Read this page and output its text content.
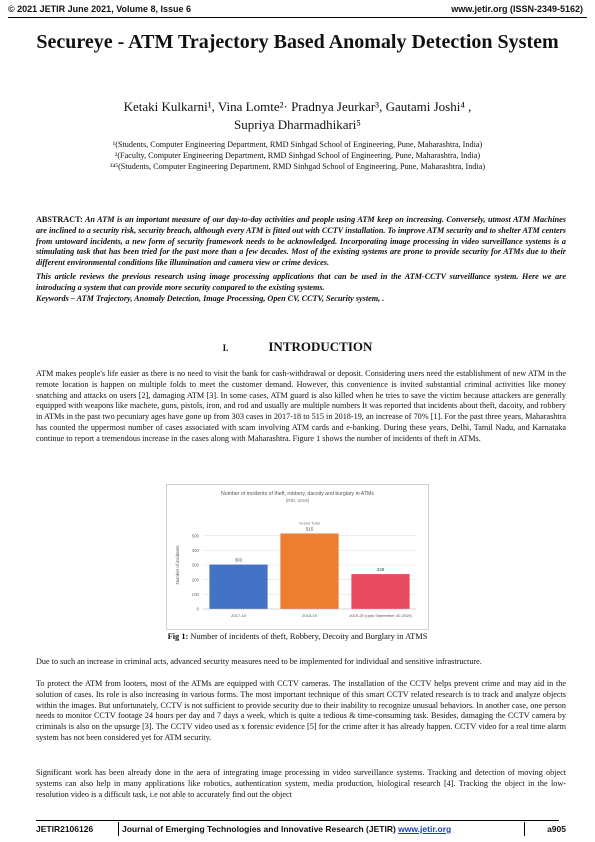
© 2021 JETIR June 2021, Volume 8, Issue 6	www.jetir.org (ISSN-2349-5162)
Secureye - ATM Trajectory Based Anomaly Detection System
Ketaki Kulkarni¹, Vina Lomte²· Pradnya Jeurkar³, Gautami Joshi⁴ ,
Supriya Dharmadhikari⁵
¹(Students, Computer Engineering Department, RMD Sinhgad School of Engineering, Pune, Maharashtra, India)
²(Faculty, Computer Engineering Department, RMD Sinhgad School of Engineering, Pune, Maharashtra, India)
³⁴⁵(Students, Computer Engineering Department, RMD Sinhgad School of Engineering, Pune, Maharashtra, India)
ABSTRACT: An ATM is an important measure of our day-to-day activities and people using ATM keep on increasing. Conversely, utmost ATM Machines are inclined to a security risk, security breach, although every ATM is fitted out with CCTV installation. To improve ATM security and to shelter ATM centers from untoward incidents, a new form of security framework needs to be acknowledged. Incorporating image processing in video surveillance systems is a stimulating task that has been tried for the past more than a few decades. Most of the existing systems are prone to provide security for ATMs due to their different environmental conditions like illumination and camera view or crime devices.
This article reviews the previous research using image processing applications that can be used in the ATM-CCTV surveillance system. Here we are introducing a system that can provide more security compared to the existing systems.
Keywords – ATM Trajectory, Anomaly Detection, Image Processing, Open CV, CCTV, Security system, .
I.	INTRODUCTION

ATM makes people's life easier as there is no need to visit the bank for cash-withdrawal or deposit. Considering users need the establishment of new ATM in the remote location is happen on multiple folds to meet the customer demand. However, this convenience is invited substantial criminal activities like money snatching and attacks on users [2], damaging ATM [3]. In some cases, ATM guard is also killed when he tries to save the victim because attackers are generally equipped with weapons like machete, guns, pistols, iron, and rod and usually are multiple numbers It was reported that incidents about theft, dacoity, and robbery in ATMs in the past two pecuniary ages have gone up from 303 cases in 2017-18 to 515 in 2018-19, an increase of 70% [1]. For the past three years, Maharashtra has counted the uppermost number of cases associated with scam involving ATM cards and e-banking. During these years, Delhi, Tamil Nadu, and Karnataka continue to report a tremendous increase in the cases along with Maharashtra. Figure 1 shows the number of incidents of theft in ATMs.

Number of incidents of theft, robbery, dacoity and burglary in ATMs
(RBI, 2019)
0
100
200
300
400
500
Number of incidents	303
2017-18
515
2018-19
Grand Total
238
2019-20 (upto September 30,2019)
Fig 1: Number of incidents of theft, Robbery, Decoity and Burglary in ATMS

Due to such an increase in criminal acts, advanced security measures need to be implemented for individual and sensitive infrastructure.

To protect the ATM from looters, most of the ATMs are equipped with CCTV cameras. The installation of the CCTV helps prevent crime and may aid in the solution of cases. Its role is also increasing in various forms. The most important technique of this smart CCTV related research is to track and analyze objects within the images. But unfortunately, CCTV is not sufficient to provide security due to their inability to recognize unusual behaviors. In another case, one person needs to monitor CCTV footage 24 hours per day and 7 days a week, which is quite a tedious & time-consuming task. Besides, damaging the CCTV camera by criminals is also on the upsurge [3]. The CCTV video used as x forensic evidence [5] for the crime after it has already happen. CCTV video for a real time alarm system has not been considered yet for ATM security.

Significant work has been already done in the aera of integrating image processing in video surveillance systems. Tracking and detection of moving object systems can also help in many applications like robotics, authentication system, media production, biological research [4]. Tracking the object in the low-resolution video is a difficult task, i.e not able to accurately find out the object

JETIR2106126	Journal of Emerging Technologies and Innovative Research (JETIR) www.jetir.org	a905
